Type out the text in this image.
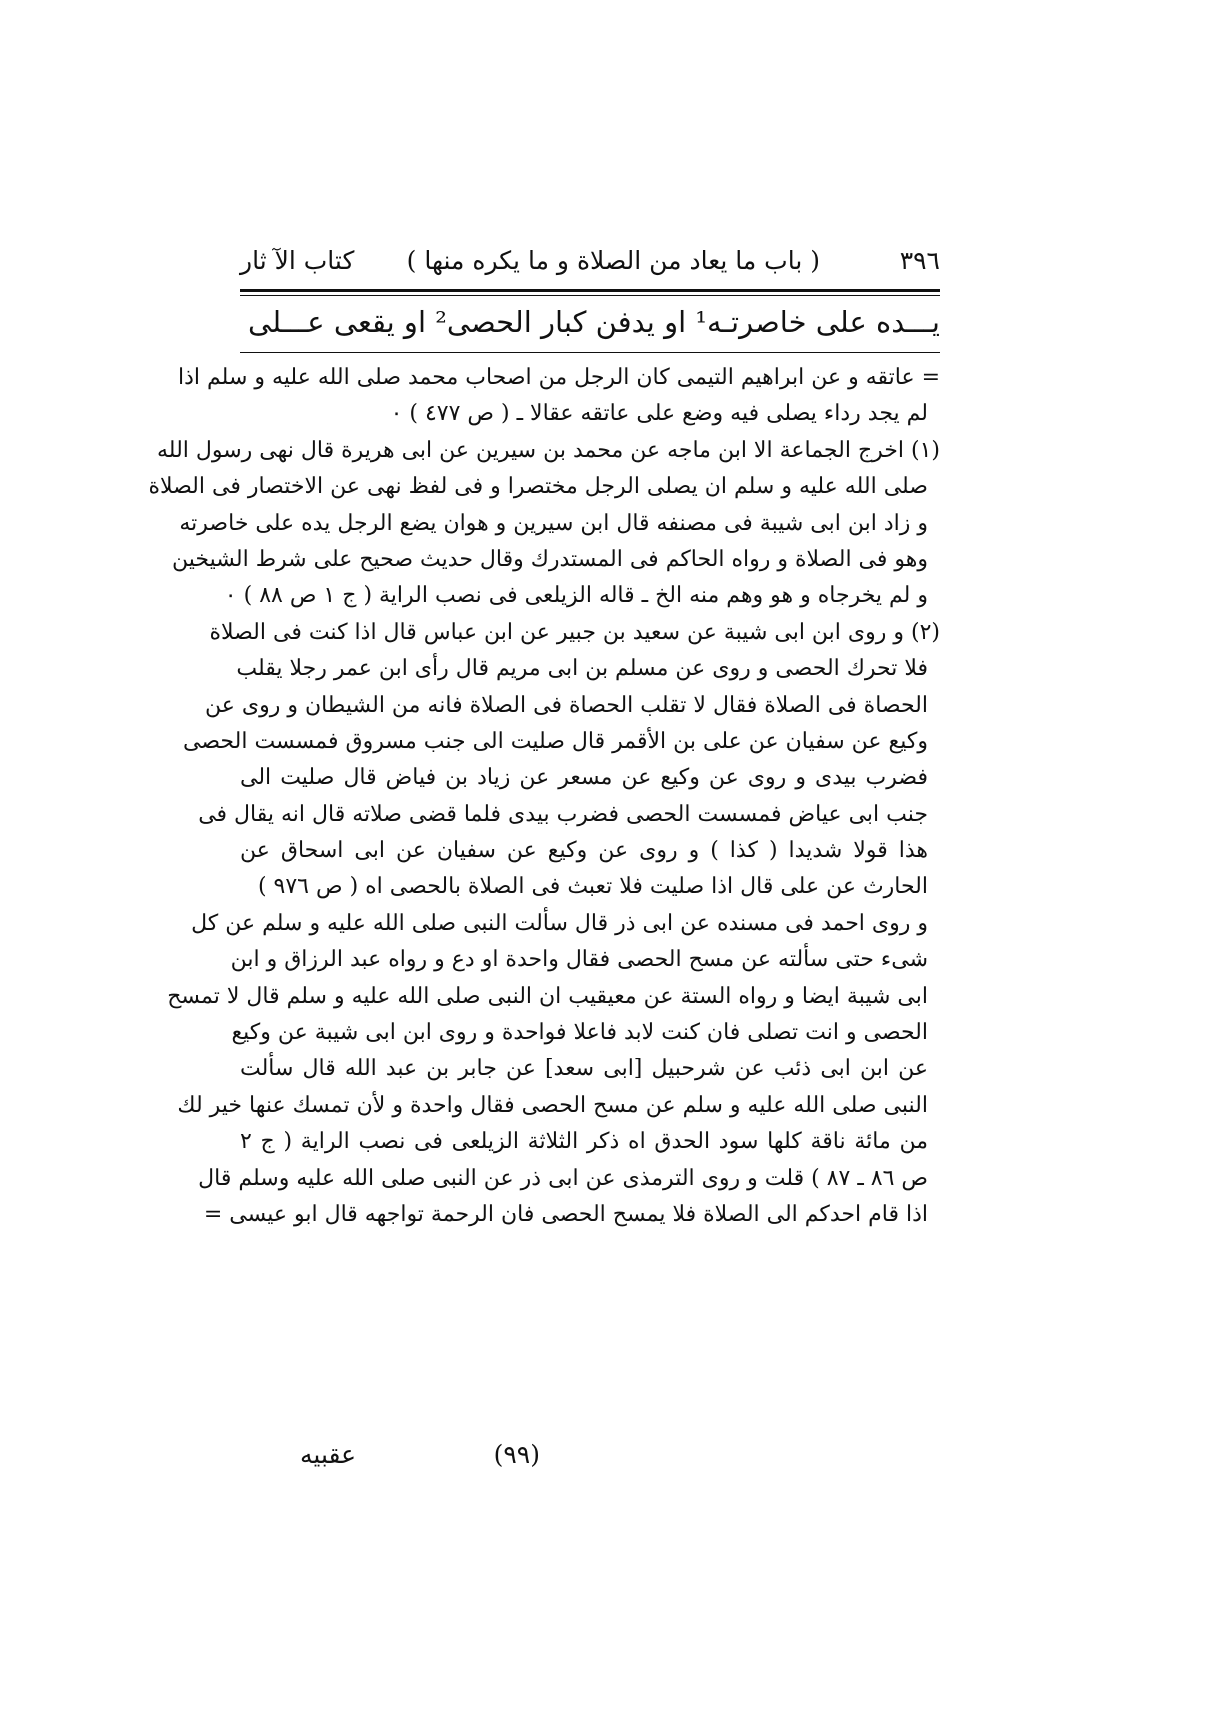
٣٩٦
( باب ما يعاد من الصلاة و ما يكره منها )
كتاب الآ ثار
يـــده على خاصرتـه¹ او يدفن كبار الحصى² او يقعى عـــلى
= عاتقه و عن ابراهيم التيمى كان الرجل من اصحاب محمد صلى الله عليه و سلم اذا
لم يجد رداء يصلى فيه وضع على عاتقه عقالا ـ ( ص ٤٧٧ ) ٠
(١) اخرج الجماعة الا ابن ماجه عن محمد بن سيرين عن ابى هريرة قال نهى رسول الله
صلى الله عليه و سلم ان يصلى الرجل مختصرا و فى لفظ نهى عن الاختصار فى الصلاة
و زاد ابن ابى شيبة فى مصنفه قال ابن سيرين و هوان يضع الرجل يده على خاصرته
وهو فى الصلاة و رواه الحاكم فى المستدرك وقال حديث صحيح على شرط الشيخين
و لم يخرجاه و هو وهم منه الخ ـ قاله الزيلعى فى نصب الراية ( ج ١ ص ٨٨ ) ٠
(٢) و روى ابن ابى شيبة عن سعيد بن جبير عن ابن عباس قال اذا كنت فى الصلاة
فلا تحرك الحصى و روى عن مسلم بن ابى مريم قال رأى ابن عمر رجلا يقلب
الحصاة فى الصلاة فقال لا تقلب الحصاة فى الصلاة فانه من الشيطان و روى عن
وكيع عن سفيان عن على بن الأقمر قال صليت الى جنب مسروق فمسست الحصى
فضرب بيدى و روى عن وكيع عن مسعر عن زياد بن فياض قال صليت الى
جنب ابى عياض فمسست الحصى فضرب بيدى فلما قضى صلاته قال انه يقال فى
هذا قولا شديدا ( كذا ) و روى عن وكيع عن سفيان عن ابى اسحاق عن
الحارث عن على قال اذا صليت فلا تعبث فى الصلاة بالحصى اه ( ص ٩٧٦ )
و روى احمد فى مسنده عن ابى ذر قال سألت النبى صلى الله عليه و سلم عن كل
شىء حتى سألته عن مسح الحصى فقال واحدة او دع و رواه عبد الرزاق و ابن
ابى شيبة ايضا و رواه الستة عن معيقيب ان النبى صلى الله عليه و سلم قال لا تمسح
الحصى و انت تصلى فان كنت لابد فاعلا فواحدة و روى ابن ابى شيبة عن وكيع
عن ابن ابى ذئب عن شرحبيل [ابى سعد] عن جابر بن عبد الله قال سألت
النبى صلى الله عليه و سلم عن مسح الحصى فقال واحدة و لأن تمسك عنها خير لك
من مائة ناقة كلها سود الحدق اه ذكر الثلاثة الزيلعى فى نصب الراية ( ج ٢
ص ٨٦ ـ ٨٧ ) قلت و روى الترمذى عن ابى ذر عن النبى صلى الله عليه وسلم قال
اذا قام احدكم الى الصلاة فلا يمسح الحصى فان الرحمة تواجهه قال ابو عيسى =
(٩٩)
عقبيه
